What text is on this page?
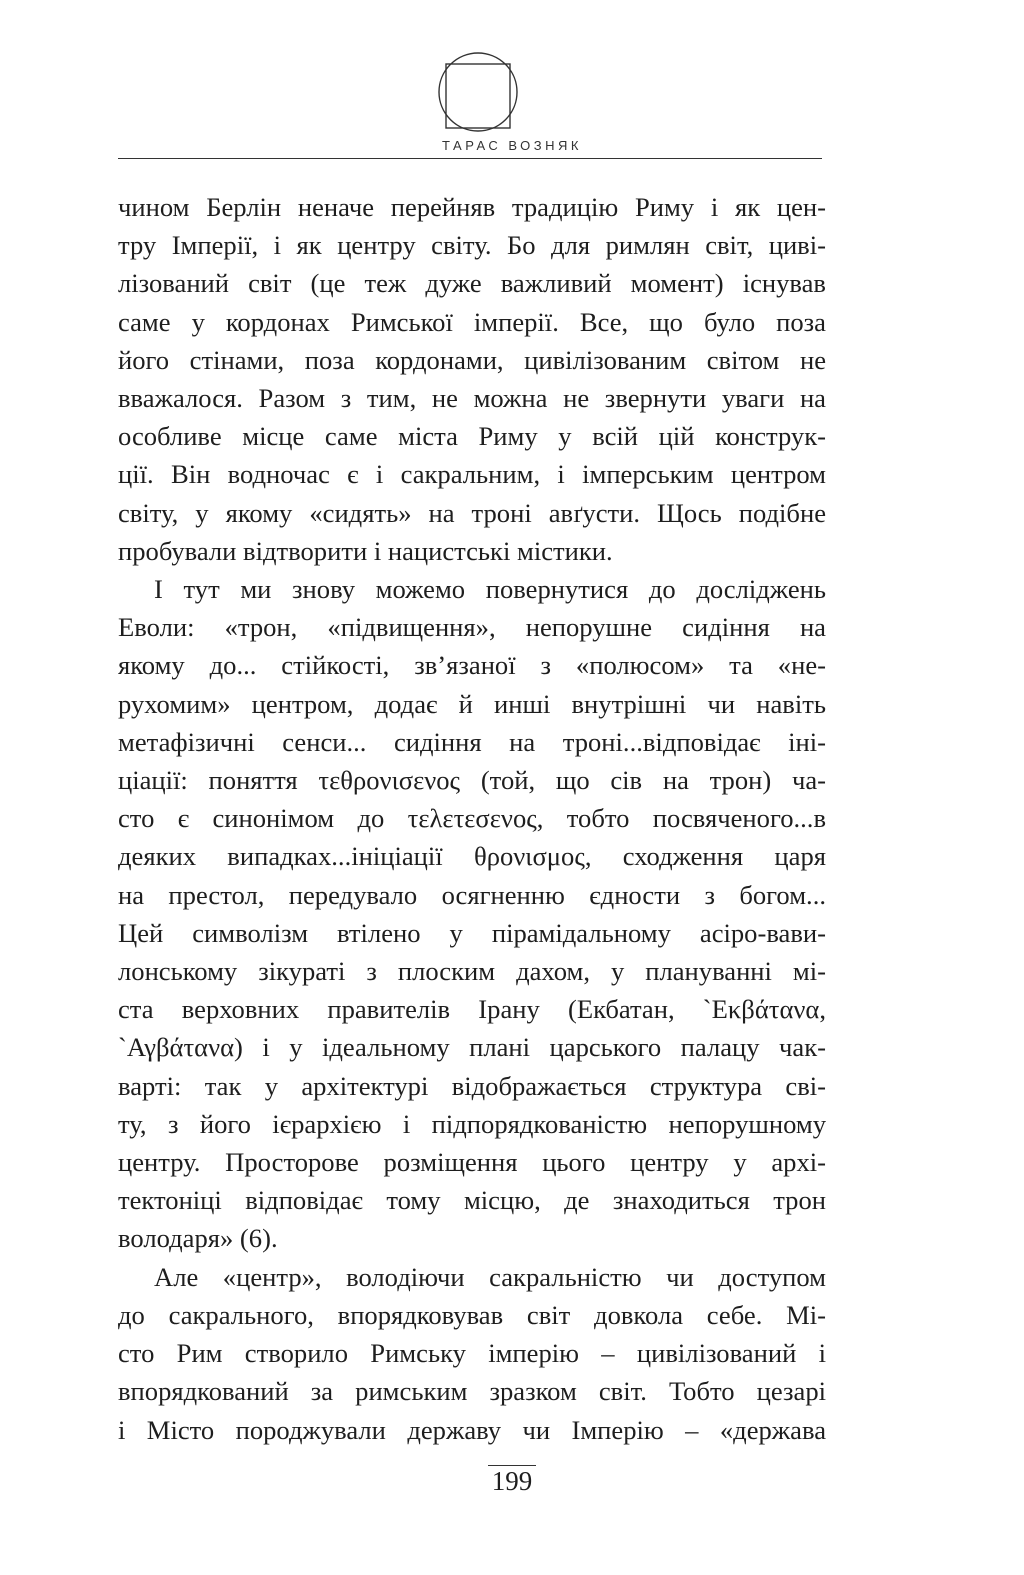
ТАРАС ВОЗНЯК
чином Берлін неначе перейняв традицію Риму і як цен-
тру Імперії, і як центру світу. Бо для римлян світ, циві-
лізований світ (це теж дуже важливий момент) існував
саме у кордонах Римської імперії. Все, що було поза
його стінами, поза кордонами, цивілізованим світом не
вважалося. Разом з тим, не можна не звернути уваги на
особливе місце саме міста Риму у всій цій конструк-
ції. Він водночас є і сакральним, і імперським центром
світу, у якому «сидять» на троні авґусти. Щось подібне
пробували відтворити і нацистські містики.
І тут ми знову можемо повернутися до досліджень
Еволи: «трон, «підвищення», непорушне сидіння на
якому до... стійкості, зв’язаної з «полюсом» та «не-
рухомим» центром, додає й инші внутрішні чи навіть
метафізичні сенси... сидіння на троні...відповідає іні-
ціації: поняття τεθρονισενος (той, що сів на трон) ча-
сто є синонімом до τελετεσενος, тобто посвяченого...в
деяких випадках...ініціації θρονισμος, сходження царя
на престол, передувало осягненню єдности з богом...
Цей символізм втілено у пірамідальному асіро-вави-
лонському зікураті з плоским дахом, у плануванні мі-
ста верховних правителів Ірану (Екбатан, `Εκβάτανα,
`Αγβάτανα) і у ідеальному плані царського палацу чак-
варті: так у архітектурі відображається структура сві-
ту, з його ієрархією і підпорядкованістю непорушному
центру. Просторове розміщення цього центру у архі-
тектоніці відповідає тому місцю, де знаходиться трон
володаря» (6).
Але «центр», володіючи сакральністю чи доступом
до сакрального, впорядковував світ довкола себе. Мі-
сто Рим створило Римську імперію – цивілізований і
впорядкований за римським зразком світ. Тобто цезарі
і Місто породжували державу чи Імперію – «держава
199
